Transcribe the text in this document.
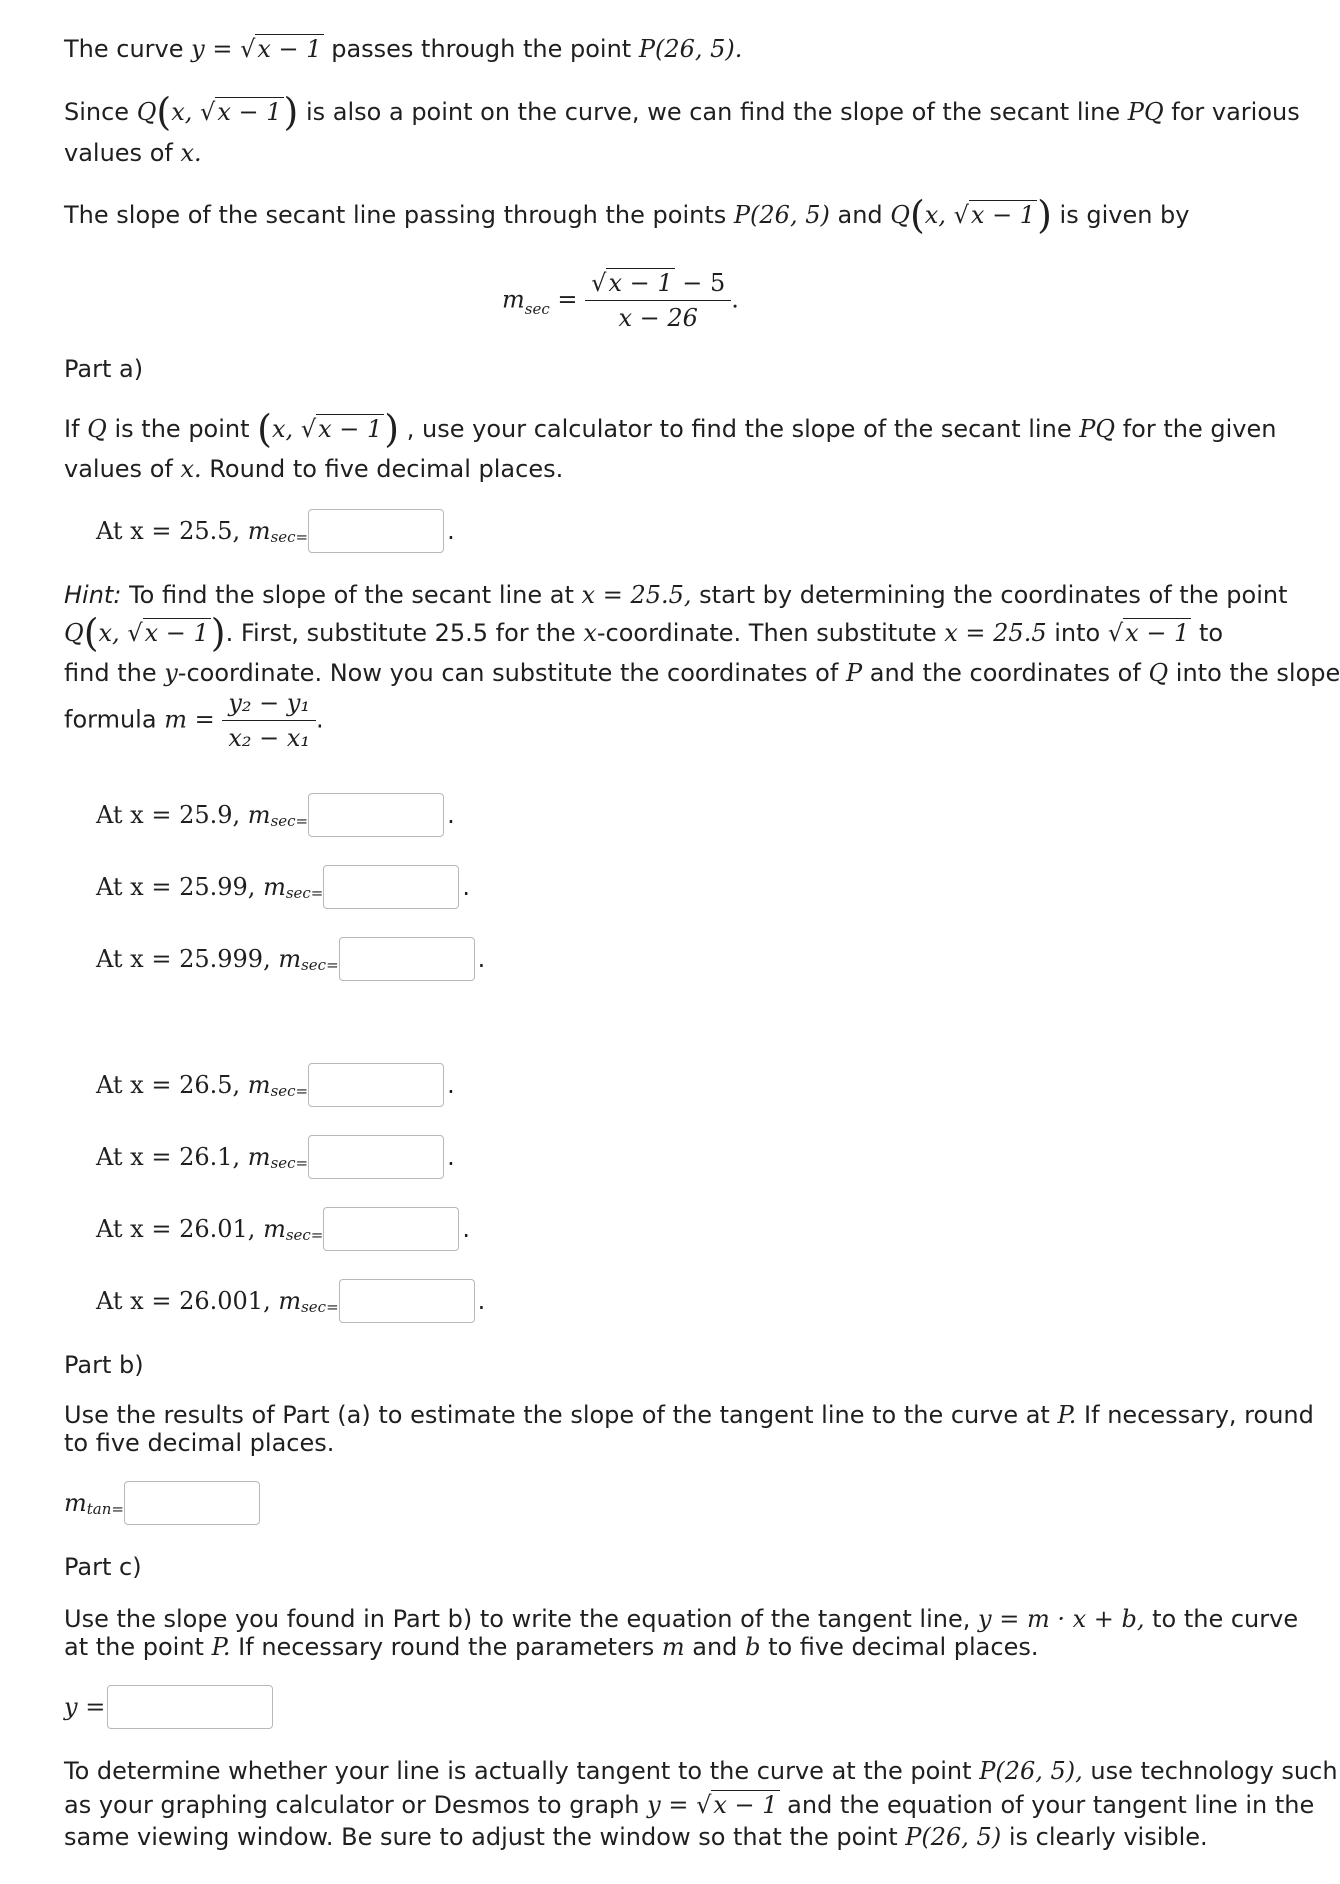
The curve y = √x − 1 passes through the point P(26, 5).
Since Q(x, √x − 1) is also a point on the curve, we can find the slope of the secant line PQ for various
values of x.
The slope of the secant line passing through the points P(26, 5) and Q(x, √x − 1) is given by
$m_{sec} = \frac{√x - 1 - 5}{x - 26}$ .
Part a)
If Q is the point (x, √x − 1) , use your calculator to find the slope of the secant line PQ for the given
values of x. Round to five decimal places.
At x = 25.5,
m sec=	.
Hint: To find the slope of the secant line at x = 25.5, start by determining the coordinates of the point
Q(x, √x − 1). First, substitute 25.5 for the x-coordinate. Then substitute x = 25.5 into √x − 1 to
find the y-coordinate. Now you can substitute the coordinates of P and the coordinates of Q into the slope
formula $m = \frac{\text{y₂ − y₁}}{\text{x₂ − x₁}}$ .
At x = 25.9,
m sec=	.
At x = 25.99,
m sec=	.
At x = 25.999,
m sec=	.
At x = 26.5,
m sec=	.
At x = 26.1,
m sec=	.
At x = 26.01,
m sec=	.
At x = 26.001,
m sec=	.
Part b)
Use the results of Part (a) to estimate the slope of the tangent line to the curve at P. If necessary, round
to five decimal places.
m tan=
Part c)
Use the slope you found in Part b) to write the equation of the tangent line, y = m · x + b, to the curve
at the point P. If necessary round the parameters m and b to five decimal places.
y =
To determine whether your line is actually tangent to the curve at the point P(26, 5), use technology such
as your graphing calculator or Desmos to graph y = √x − 1 and the equation of your tangent line in the
same viewing window. Be sure to adjust the window so that the point P(26, 5) is clearly visible.
